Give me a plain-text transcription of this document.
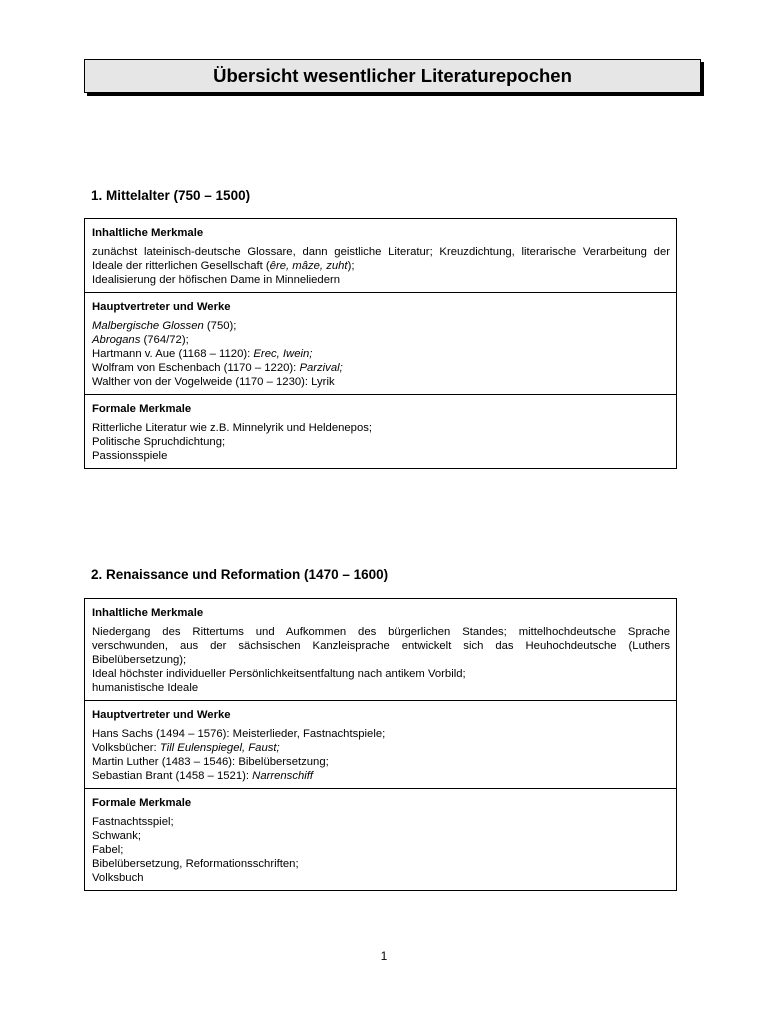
Übersicht wesentlicher Literaturepochen
1. Mittelalter (750 – 1500)
Inhaltliche Merkmale
zunächst lateinisch-deutsche Glossare, dann geistliche Literatur; Kreuzdichtung, literarische Verarbeitung der Ideale der ritterlichen Gesellschaft (êre, mâze, zuht);
Idealisierung der höfischen Dame in Minneliedern
Hauptvertreter und Werke
Malbergische Glossen (750);
Abrogans (764/72);
Hartmann v. Aue (1168 – 1120): Erec, Iwein;
Wolfram von Eschenbach (1170 – 1220): Parzival;
Walther von der Vogelweide (1170 – 1230): Lyrik
Formale Merkmale
Ritterliche Literatur wie z.B. Minnelyrik und Heldenepos;
Politische Spruchdichtung;
Passionsspiele
2. Renaissance und Reformation (1470 – 1600)
Inhaltliche Merkmale
Niedergang des Rittertums und Aufkommen des bürgerlichen Standes; mittelhochdeutsche Sprache verschwunden, aus der sächsischen Kanzleisprache entwickelt sich das Heuhochdeutsche (Luthers Bibelübersetzung);
Ideal höchster individueller Persönlichkeitsentfaltung nach antikem Vorbild;
humanistische Ideale
Hauptvertreter und Werke
Hans Sachs (1494 – 1576): Meisterlieder, Fastnachtspiele;
Volksbücher: Till Eulenspiegel, Faust;
Martin Luther (1483 – 1546): Bibelübersetzung;
Sebastian Brant (1458 – 1521): Narrenschiff
Formale Merkmale
Fastnachtsspiel;
Schwank;
Fabel;
Bibelübersetzung, Reformationsschriften;
Volksbuch
1
